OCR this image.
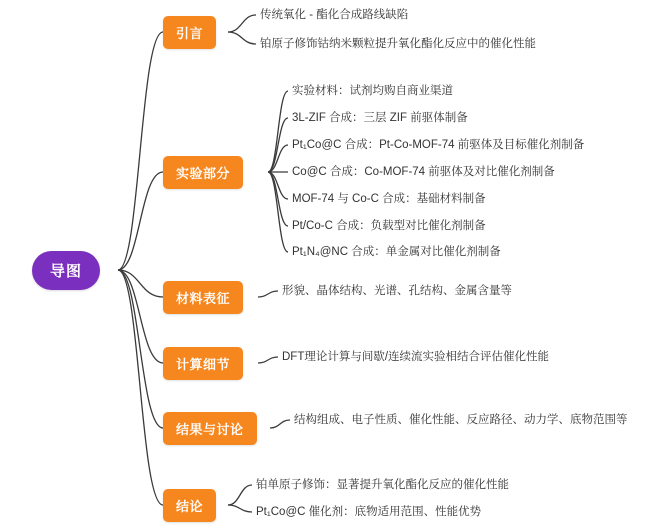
导图
引言
传统氧化 - 酯化合成路线缺陷
铂原子修饰钴纳米颗粒提升氧化酯化反应中的催化性能
实验部分
实验材料：试剂均购自商业渠道
3L-ZIF 合成：三层 ZIF 前驱体制备
Pt₁Co@C 合成：Pt-Co-MOF-74 前驱体及目标催化剂制备
Co@C 合成：Co-MOF-74 前驱体及对比催化剂制备
MOF-74 与 Co-C 合成：基础材料制备
Pt/Co-C 合成：负载型对比催化剂制备
Pt₁N₄@NC 合成：单金属对比催化剂制备
材料表征	形貌、晶体结构、光谱、孔结构、金属含量等
计算细节	DFT理论计算与间歇/连续流实验相结合评估催化性能
结果与讨论
结构组成、电子性质、催化性能、反应路径、动力学、底物范围等
结论
铂单原子修饰：显著提升氧化酯化反应的催化性能
Pt₁Co@C 催化剂：底物适用范围、性能优势
